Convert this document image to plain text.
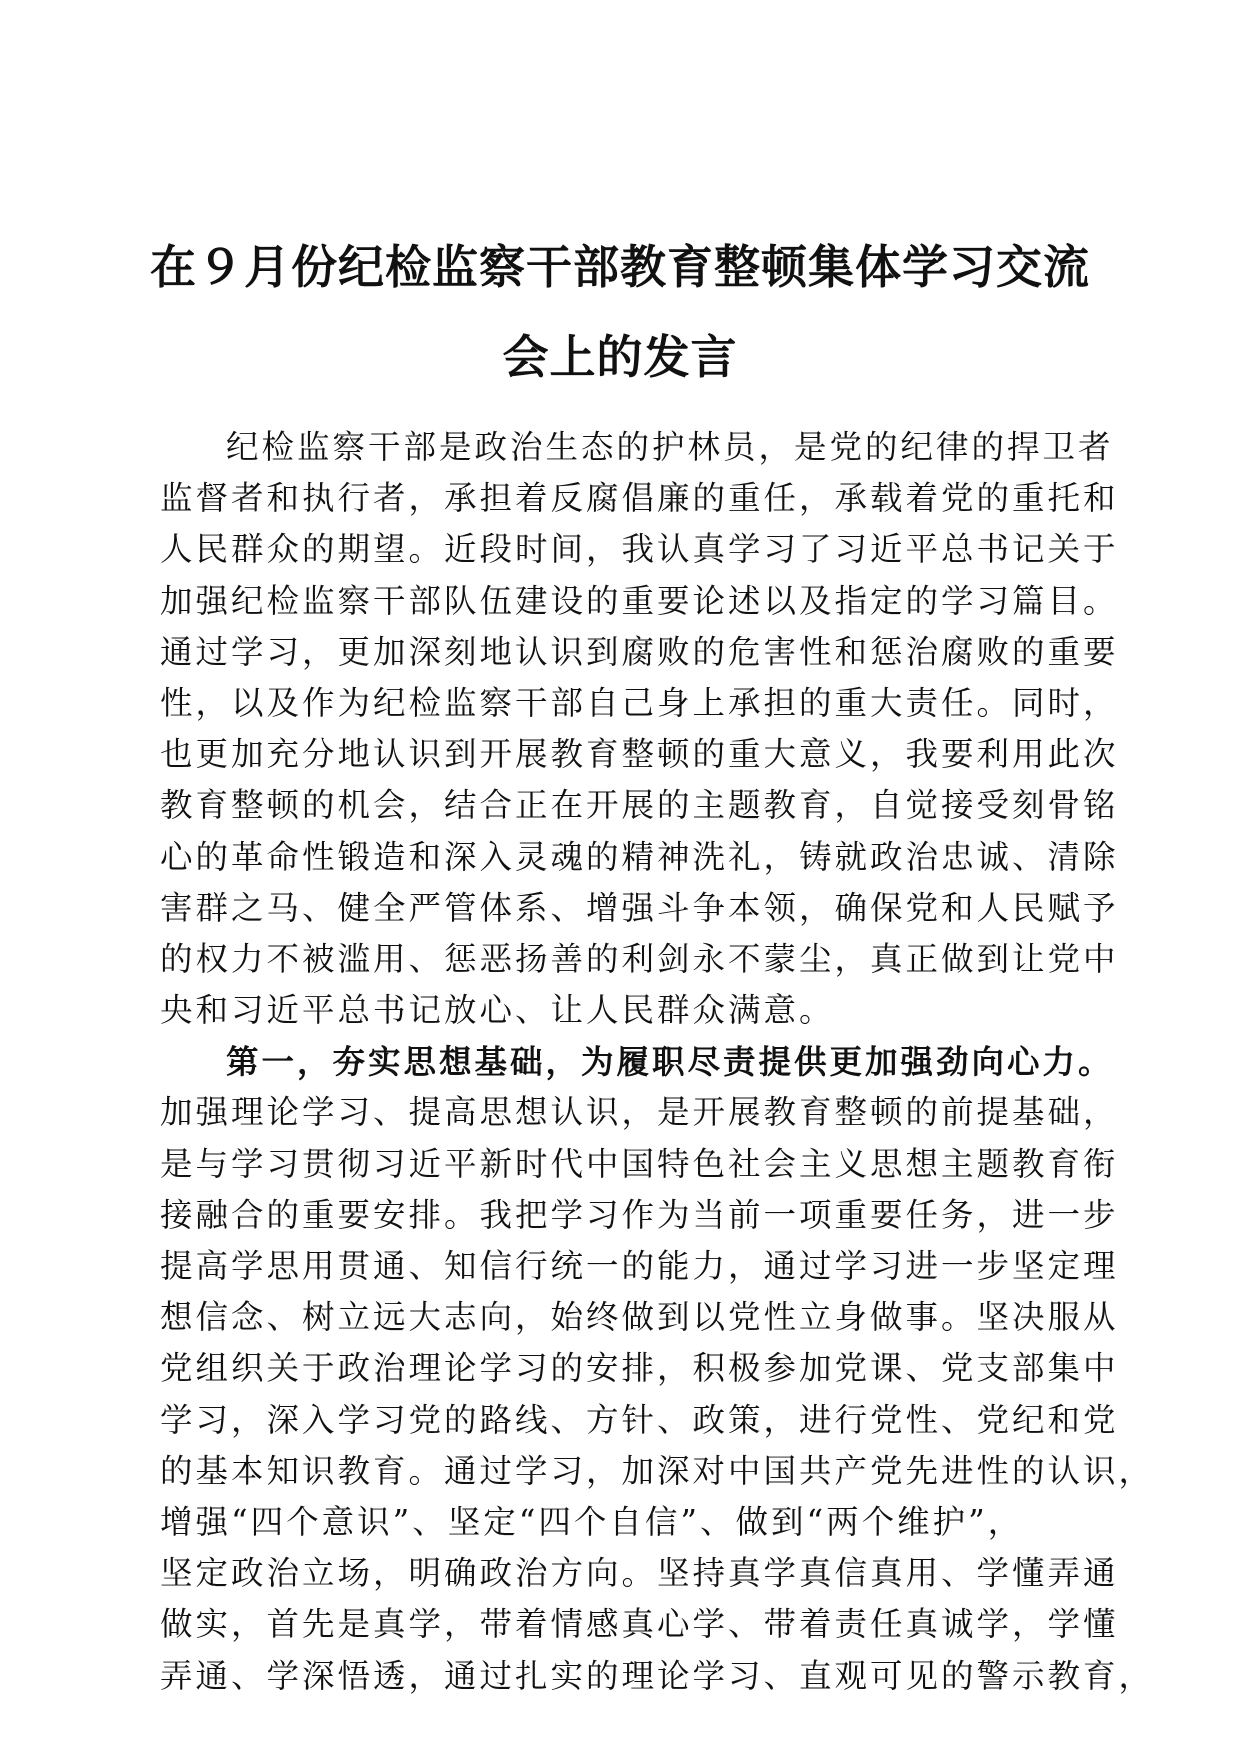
在９月份纪检监察干部教育整顿集体学习交流
会上的发言
纪检监察干部是政治生态的护林员，是党的纪律的捍卫者
监督者和执行者，承担着反腐倡廉的重任，承载着党的重托和
人民群众的期望。近段时间，我认真学习了习近平总书记关于
加强纪检监察干部队伍建设的重要论述以及指定的学习篇目。
通过学习，更加深刻地认识到腐败的危害性和惩治腐败的重要
性，以及作为纪检监察干部自己身上承担的重大责任。同时，
也更加充分地认识到开展教育整顿的重大意义，我要利用此次
教育整顿的机会，结合正在开展的主题教育，自觉接受刻骨铭
心的革命性锻造和深入灵魂的精神洗礼，铸就政治忠诚、清除
害群之马、健全严管体系、增强斗争本领，确保党和人民赋予
的权力不被滥用、惩恶扬善的利剑永不蒙尘，真正做到让党中
央和习近平总书记放心、让人民群众满意。
第一，夯实思想基础，为履职尽责提供更加强劲向心力。
加强理论学习、提高思想认识，是开展教育整顿的前提基础，
是与学习贯彻习近平新时代中国特色社会主义思想主题教育衔
接融合的重要安排。我把学习作为当前一项重要任务，进一步
提高学思用贯通、知信行统一的能力，通过学习进一步坚定理
想信念、树立远大志向，始终做到以党性立身做事。坚决服从
党组织关于政治理论学习的安排，积极参加党课、党支部集中
学习，深入学习党的路线、方针、政策，进行党性、党纪和党
的基本知识教育。通过学习，加深对中国共产党先进性的认识，
增强“四个意识”、坚定“四个自信”、做到“两个维护”，
坚定政治立场，明确政治方向。坚持真学真信真用、学懂弄通
做实，首先是真学，带着情感真心学、带着责任真诚学，学懂
弄通、学深悟透，通过扎实的理论学习、直观可见的警示教育，
